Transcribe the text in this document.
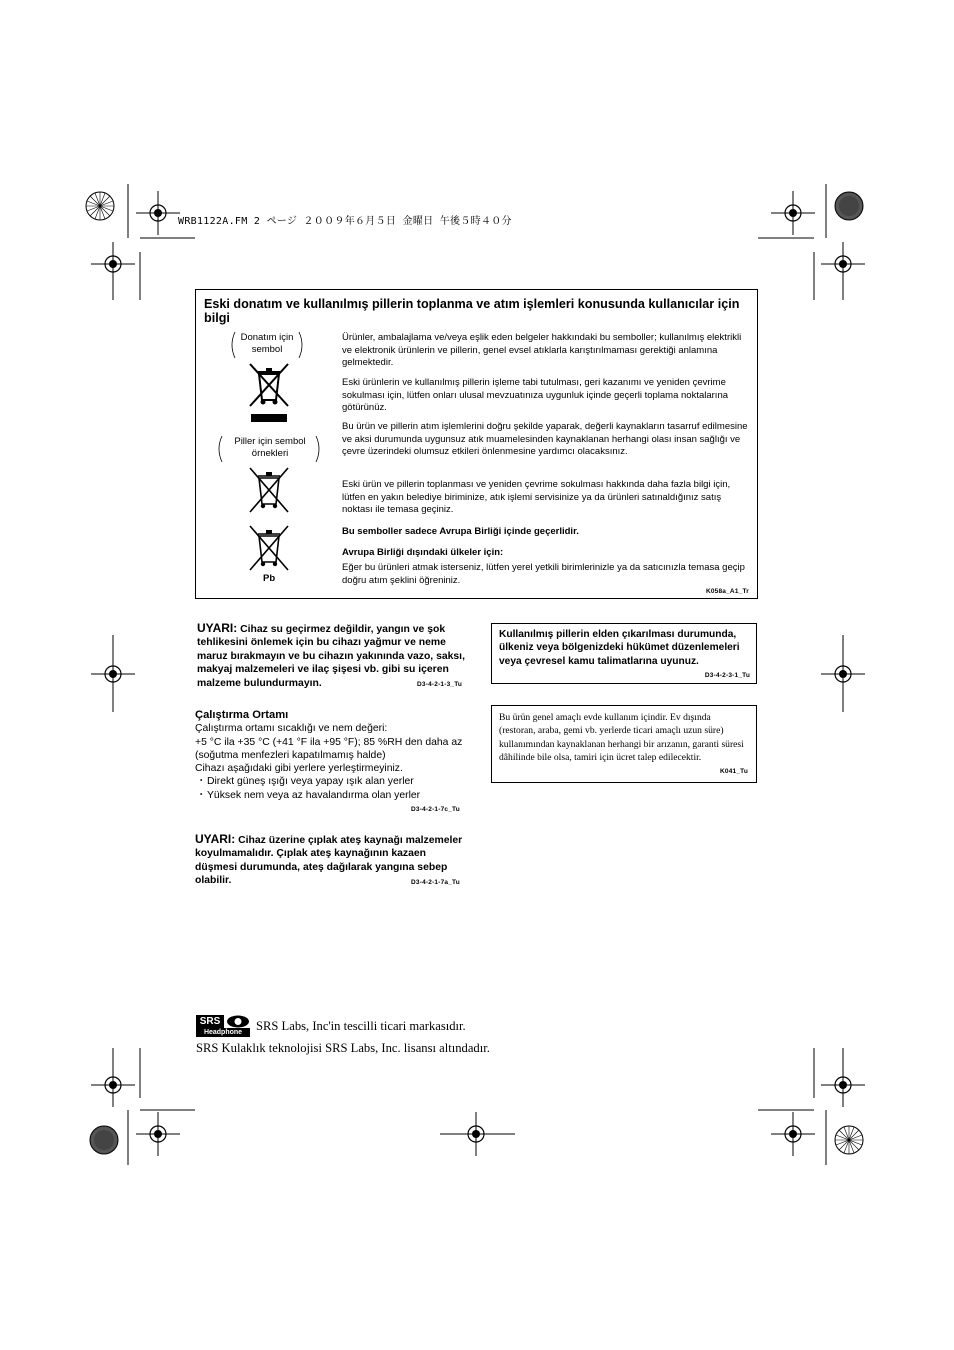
WRB1122A.FM 2 ページ ２００９年６月５日 金曜日 午後５時４０分
Eski donatım ve kullanılmış pillerin toplanma ve atım işlemleri konusunda kullanıcılar için bilgi
Donatım için sembol
Piller için sembol örnekleri
Pb
Ürünler, ambalajlama ve/veya eşlik eden belgeler hakkındaki bu semboller; kullanılmış elektrikli ve elektronik ürünlerin ve pillerin, genel evsel atıklarla karıştırılmaması gerektiği anlamına gelmektedir.
Eski ürünlerin ve kullanılmış pillerin işleme tabi tutulması, geri kazanımı ve yeniden çevrime sokulması için, lütfen onları ulusal mevzuatınıza uygunluk içinde geçerli toplama noktalarına götürünüz.
Bu ürün ve pillerin atım işlemlerini doğru şekilde yaparak, değerli kaynakların tasarruf edilmesine ve aksi durumunda uygunsuz atık muamelesinden kaynaklanan herhangi olası insan sağlığı ve çevre üzerindeki olumsuz etkileri önlenmesine yardımcı olacaksınız.
Eski ürün ve pillerin toplanması ve yeniden çevrime sokulması hakkında daha fazla bilgi için, lütfen en yakın belediye biriminize, atık işlemi servisinize ya da ürünleri satınaldığınız satış noktası ile temasa geçiniz.
Bu semboller sadece Avrupa Birliği içinde geçerlidir.
Avrupa Birliği dışındaki ülkeler için:
Eğer bu ürünleri atmak isterseniz, lütfen yerel yetkili birimlerinizle ya da satıcınızla temasa geçip doğru atım şeklini öğreniniz.
K058a_A1_Tr
UYARI: Cihaz su geçirmez değildir, yangın ve şok tehlikesini önlemek için bu cihazı yağmur ve neme maruz bırakmayın ve bu cihazın yakınında vazo, saksı, makyaj malzemeleri ve ilaç şişesi vb. gibi su içeren malzeme bulundurmayın.	D3-4-2-1-3_Tu
Çalıştırma Ortamı
Çalıştırma ortamı sıcaklığı ve nem değeri:
+5 °C ila +35 °C (+41 °F ila +95 °F); 85 %RH den daha az (soğutma menfezleri kapatılmamış halde)
Cihazı aşağıdaki gibi yerlere yerleştirmeyiniz.
・ Direkt güneş ışığı veya yapay ışık alan yerler
・ Yüksek nem veya az havalandırma olan yerler
D3-4-2-1-7c_Tu
UYARI: Cihaz üzerine çıplak ateş kaynağı malzemeler koyulmamalıdır. Çıplak ateş kaynağının kazaen düşmesi durumunda, ateş dağılarak yangına sebep olabilir.	D3-4-2-1-7a_Tu
Kullanılmış pillerin elden çıkarılması durumunda, ülkeniz veya bölgenizdeki hükümet düzenlemeleri veya çevresel kamu talimatlarına uyunuz.
D3-4-2-3-1_Tu
Bu ürün genel amaçlı evde kullanım içindir. Ev dışında (restoran, araba, gemi vb. yerlerde ticari amaçlı uzun süre) kullanımından kaynaklanan herhangi bir arızanın, garanti süresi dâhilinde bile olsa, tamiri için ücret talep edilecektir.
K041_Tu
SRS
Headphone	SRS Labs, Inc'in tescilli ticari markasıdır.
SRS Kulaklık teknolojisi SRS Labs, Inc. lisansı altındadır.
